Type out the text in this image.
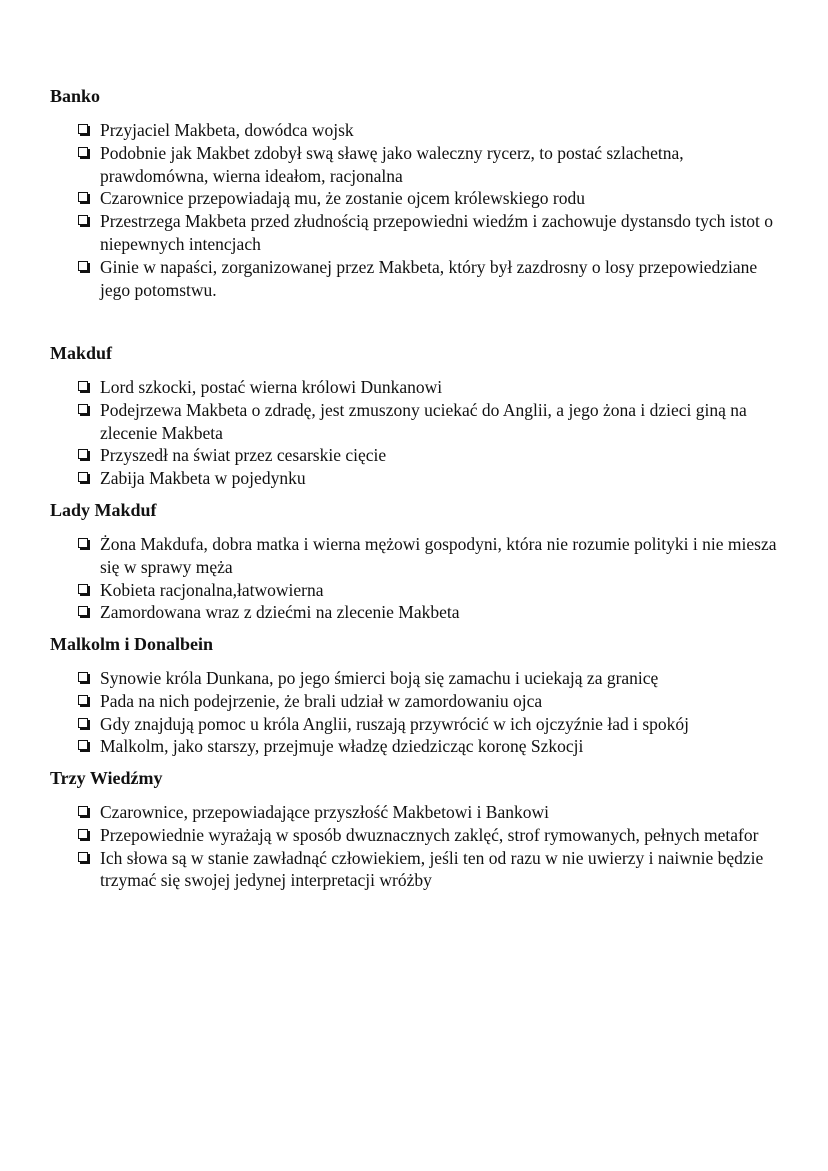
Banko
Przyjaciel Makbeta, dowódca wojsk
Podobnie jak Makbet zdobył swą sławę jako waleczny rycerz, to postać szlachetna, prawdomówna, wierna ideałom, racjonalna
Czarownice przepowiadają mu, że zostanie ojcem królewskiego rodu
Przestrzega Makbeta przed złudnością przepowiedni wiedźm i zachowuje dystansdo tych istot o niepewnych intencjach
Ginie w napaści, zorganizowanej przez Makbeta, który był zazdrosny o losy przepowiedziane jego potomstwu.
Makduf
Lord szkocki, postać wierna królowi Dunkanowi
Podejrzewa Makbeta o zdradę, jest zmuszony uciekać do Anglii, a jego żona i dzieci giną na zlecenie Makbeta
Przyszedł na świat przez cesarskie cięcie
Zabija Makbeta w pojedynku
Lady Makduf
Żona Makdufa, dobra matka i wierna mężowi gospodyni, która nie rozumie polityki i nie miesza się w sprawy męża
Kobieta racjonalna,łatwowierna
Zamordowana wraz z dziećmi na zlecenie Makbeta
Malkolm i Donalbein
Synowie króla Dunkana, po jego śmierci boją się zamachu i uciekają za granicę
Pada na nich podejrzenie, że brali udział w zamordowaniu ojca
Gdy znajdują pomoc u króla Anglii, ruszają przywrócić w ich ojczyźnie ład i spokój
Malkolm, jako starszy, przejmuje władzę dziedzicząc koronę Szkocji
Trzy Wiedźmy
Czarownice, przepowiadające przyszłość Makbetowi i Bankowi
Przepowiednie wyrażają w sposób dwuznacznych zaklęć, strof rymowanych, pełnych metafor
Ich słowa są w stanie zawładnąć człowiekiem, jeśli ten od razu w nie uwierzy i naiwnie będzie trzymać się swojej jedynej interpretacji wróżby
